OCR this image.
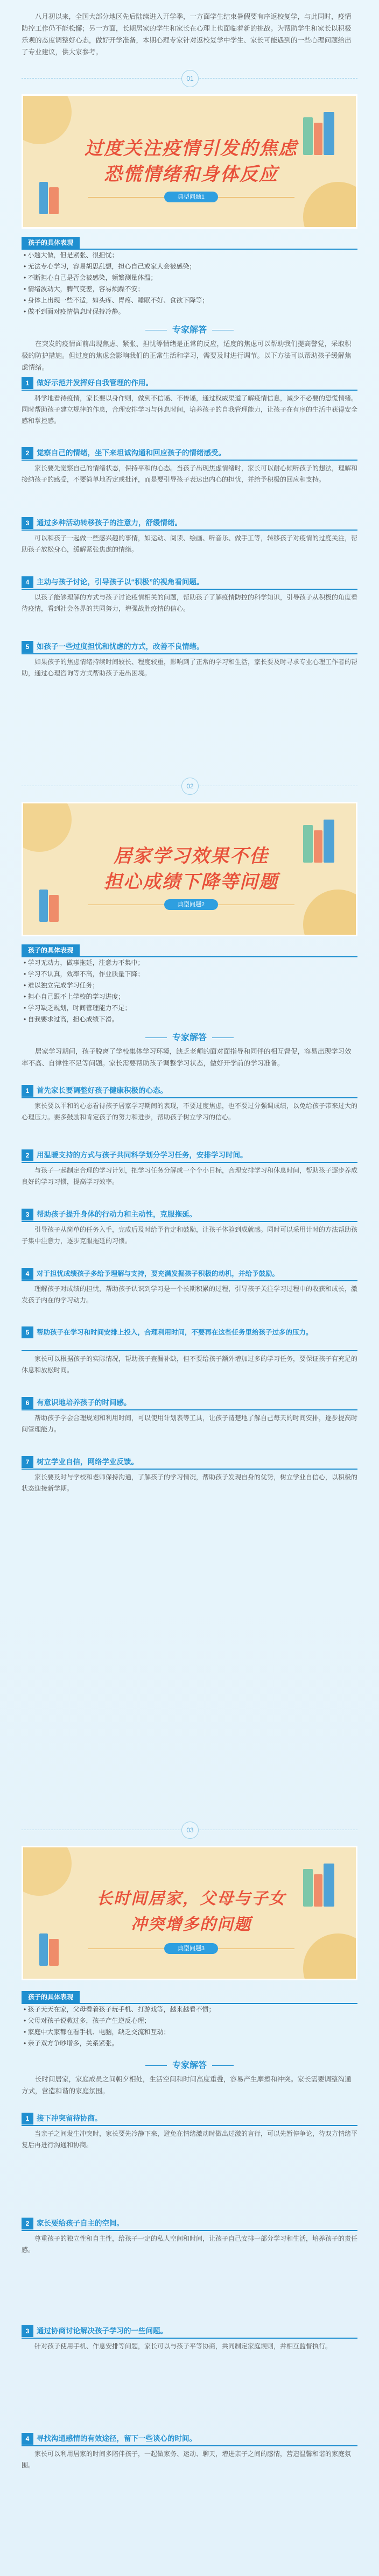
八月初以来，全国大部分地区先后陆续进入开学季，一方面学生结束暑假要有序返校复学，与此同时，疫情防控工作仍不能松懈；另一方面，长期居家的学生和家长在心理上也面临着新的挑战。为帮助学生和家长以积极乐观的态度调整好心态，做好开学准备，本期心理专家针对返校复学中学生、家长可能遇到的一些心理问题给出了专业建议，供大家参考。
01
过度关注疫情引发的焦虑
恐慌情绪和身体反应
典型问题1
孩子的具体表现
• 小题大做，但是紧张、很担忧；
• 无法专心学习，容易胡思乱想，担心自己或家人会被感染；
• 不断担心自己是否会被感染，频繁测量体温；
• 情绪波动大，脾气变差，容易烦躁不安；
• 身体上出现一些不适，如头疼、胃疼、睡眠不好、食欲下降等；
• 做不到面对疫情信息时保持冷静。
专家解答
在突发的疫情面前出现焦虑、紧张、担忧等情绪是正常的反应，适度的焦虑可以帮助我们提高警觉，采取积极的防护措施。但过度的焦虑会影响我们的正常生活和学习，需要及时进行调节。以下方法可以帮助孩子缓解焦虑情绪。
1 做好示范并发挥好自我管理的作用。
科学地看待疫情，家长要以身作则，做到不信谣、不传谣，通过权威渠道了解疫情信息，减少不必要的恐慌情绪。同时帮助孩子建立规律的作息，合理安排学习与休息时间，培养孩子的自我管理能力，让孩子在有序的生活中获得安全感和掌控感。
2 觉察自己的情绪，坐下来坦诚沟通和回应孩子的情绪感受。
家长要先觉察自己的情绪状态，保持平和的心态。当孩子出现焦虑情绪时，家长可以耐心倾听孩子的想法，理解和接纳孩子的感受，不要简单地否定或批评，而是要引导孩子表达出内心的担忧，并给予积极的回应和支持。
3 通过多种活动转移孩子的注意力，舒缓情绪。
可以和孩子一起做一些感兴趣的事情，如运动、阅读、绘画、听音乐、做手工等，转移孩子对疫情的过度关注，帮助孩子放松身心，缓解紧张焦虑的情绪。
4 主动与孩子讨论，引导孩子以“积极”的视角看问题。
以孩子能够理解的方式与孩子讨论疫情相关的问题，帮助孩子了解疫情防控的科学知识，引导孩子从积极的角度看待疫情，看到社会各界的共同努力，增强战胜疫情的信心。
5 如孩子一些过度担忧和忧虑的方式，改善不良情绪。
如果孩子的焦虑情绪持续时间较长、程度较重，影响到了正常的学习和生活，家长要及时寻求专业心理工作者的帮助，通过心理咨询等方式帮助孩子走出困境。
02
居家学习效果不佳
担心成绩下降等问题
典型问题2
孩子的具体表现
• 学习无动力，做事拖延，注意力不集中；
• 学习不认真，效率不高，作业质量下降；
• 难以独立完成学习任务；
• 担心自己跟不上学校的学习进度；
• 学习缺乏规划，时间管理能力不足；
• 自我要求过高，担心成绩下滑。
专家解答
居家学习期间，孩子脱离了学校集体学习环境，缺乏老师的面对面指导和同伴的相互督促，容易出现学习效率不高、自律性不足等问题。家长需要帮助孩子调整学习状态，做好开学前的学习准备。
1 首先家长要调整好孩子健康积极的心态。
家长要以平和的心态看待孩子居家学习期间的表现，不要过度焦虑，也不要过分强调成绩，以免给孩子带来过大的心理压力。要多鼓励和肯定孩子的努力和进步，帮助孩子树立学习的信心。
2 用温暖支持的方式与孩子共同科学划分学习任务，安排学习时间。
与孩子一起制定合理的学习计划，把学习任务分解成一个个小目标，合理安排学习和休息时间，帮助孩子逐步养成良好的学习习惯，提高学习效率。
3 帮助孩子提升身体的行动力和主动性，克服拖延。
引导孩子从简单的任务入手，完成后及时给予肯定和鼓励，让孩子体验到成就感。同时可以采用计时的方法帮助孩子集中注意力，逐步克服拖延的习惯。
4 对于担忧成绩孩子多给予理解与支持，要充满发掘孩子积极的动机，并给予鼓励。
理解孩子对成绩的担忧，帮助孩子认识到学习是一个长期积累的过程，引导孩子关注学习过程中的收获和成长，激发孩子内在的学习动力。
5 帮助孩子在学习和时间安排上投入，合理利用时间，不要再在这些任务里给孩子过多的压力。
家长可以根据孩子的实际情况，帮助孩子查漏补缺，但不要给孩子额外增加过多的学习任务，要保证孩子有充足的休息和放松时间。
6 有意识地培养孩子的时间感。
帮助孩子学会合理规划和利用时间，可以使用计划表等工具，让孩子清楚地了解自己每天的时间安排，逐步提高时间管理能力。
7 树立学业自信，网络学业反馈。
家长要及时与学校和老师保持沟通，了解孩子的学习情况，帮助孩子发现自身的优势，树立学业自信心，以积极的状态迎接新学期。
03
长时间居家，父母与子女
冲突增多的问题
典型问题3
孩子的具体表现
• 孩子天天在家，父母看着孩子玩手机、打游戏等，越来越看不惯；
• 父母对孩子说教过多，孩子产生逆反心理；
• 家庭中大家都在看手机、电脑，缺乏交流和互动；
• 亲子双方争吵增多，关系紧张。
专家解答
长时间居家，家庭成员之间朝夕相处，生活空间和时间高度重叠，容易产生摩擦和冲突。家长需要调整沟通方式，营造和谐的家庭氛围。
1 接下冲突留待协商。
当亲子之间发生冲突时，家长要先冷静下来，避免在情绪激动时做出过激的言行，可以先暂停争论，待双方情绪平复后再进行沟通和协商。
2 家长要给孩子自主的空间。
尊重孩子的独立性和自主性，给孩子一定的私人空间和时间，让孩子自己安排一部分学习和生活，培养孩子的责任感。
3 通过协商讨论解决孩子学习的一些问题。
针对孩子使用手机、作息安排等问题，家长可以与孩子平等协商，共同制定家庭规则，并相互监督执行。
4 寻找沟通感情的有效途径，留下一些谈心的时间。
家长可以利用居家的时间多陪伴孩子，一起做家务、运动、聊天，增进亲子之间的感情，营造温馨和谐的家庭氛围。
